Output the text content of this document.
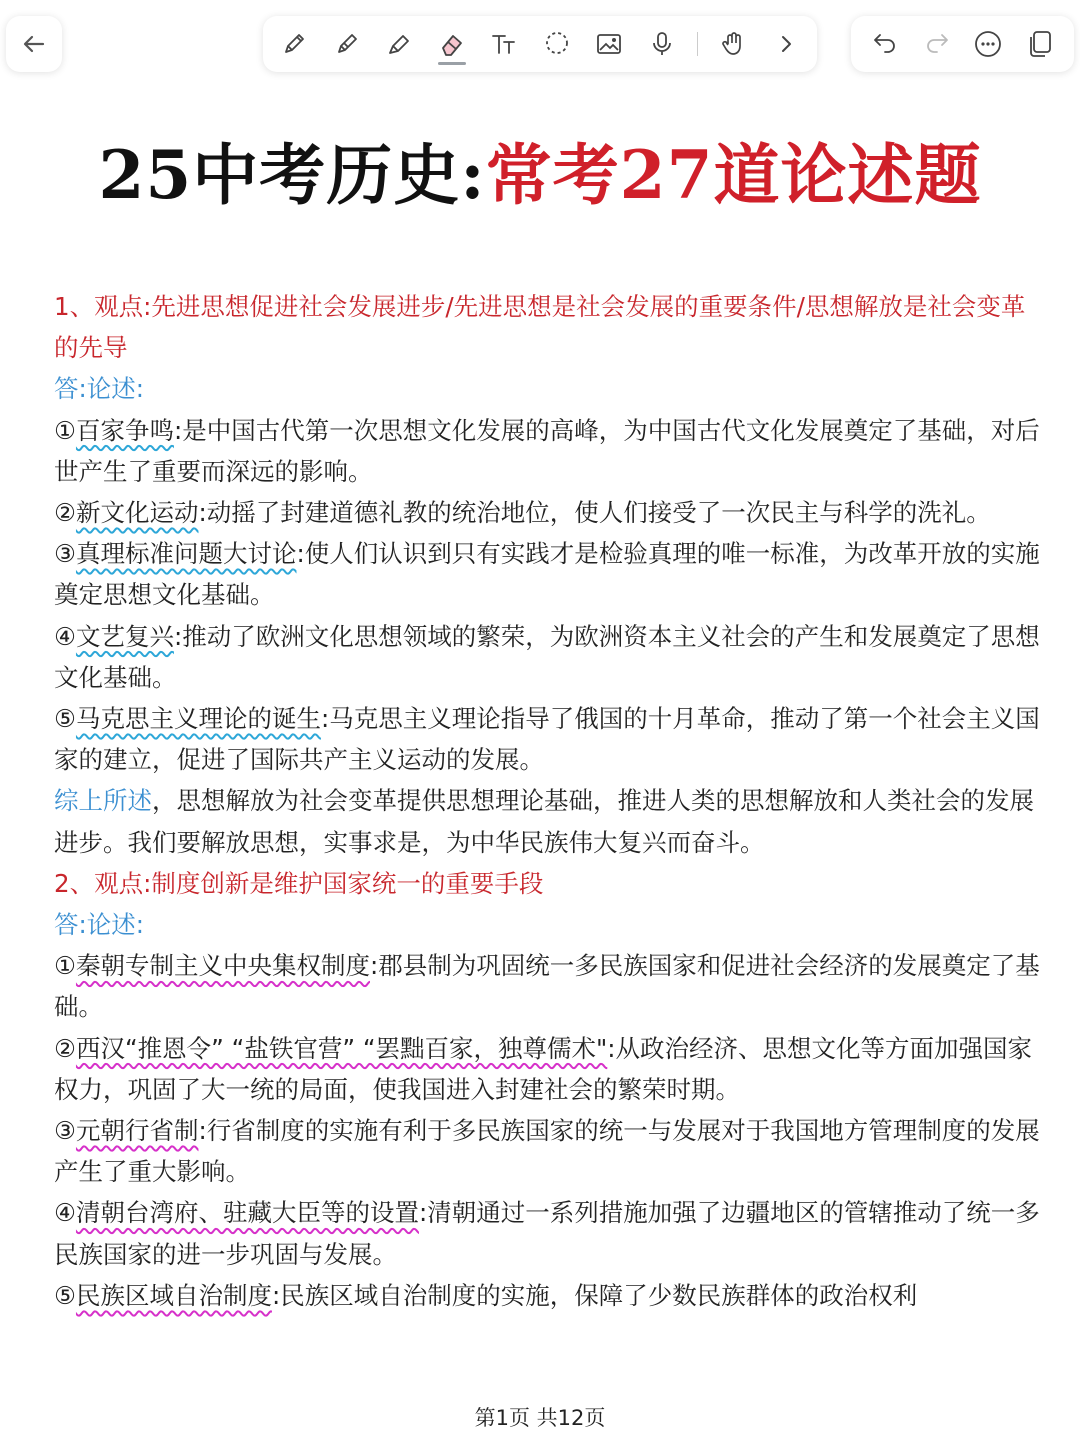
25中考历史:常考27道论述题

1、观点:先进思想促进社会发展进步/先进思想是社会发展的重要条件/思想解放是社会变革的先导

答:论述:

①百家争鸣:是中国古代第一次思想文化发展的高峰，为中国古代文化发展奠定了基础，对后世产生了重要而深远的影响。

②新文化运动:动摇了封建道德礼教的统治地位，使人们接受了一次民主与科学的洗礼。

③真理标准问题大讨论:使人们认识到只有实践才是检验真理的唯一标准，为改革开放的实施奠定思想文化基础。

④文艺复兴:推动了欧洲文化思想领域的繁荣，为欧洲资本主义社会的产生和发展奠定了思想文化基础。

⑤马克思主义理论的诞生:马克思主义理论指导了俄国的十月革命，推动了第一个社会主义国家的建立，促进了国际共产主义运动的发展。

综上所述，思想解放为社会变革提供思想理论基础，推进人类的思想解放和人类社会的发展进步。我们要解放思想，实事求是，为中华民族伟大复兴而奋斗。

2、观点:制度创新是维护国家统一的重要手段

答:论述:

①秦朝专制主义中央集权制度:郡县制为巩固统一多民族国家和促进社会经济的发展奠定了基础。

②西汉“推恩令” “盐铁官营” “罢黜百家，独尊儒术":从政治经济、思想文化等方面加强国家权力，巩固了大一统的局面，使我国进入封建社会的繁荣时期。

③元朝行省制:行省制度的实施有利于多民族国家的统一与发展对于我国地方管理制度的发展产生了重大影响。

④清朝台湾府、驻藏大臣等的设置:清朝通过一系列措施加强了边疆地区的管辖推动了统一多民族国家的进一步巩固与发展。

⑤民族区域自治制度:民族区域自治制度的实施，保障了少数民族群体的政治权利

第1页 共12页
